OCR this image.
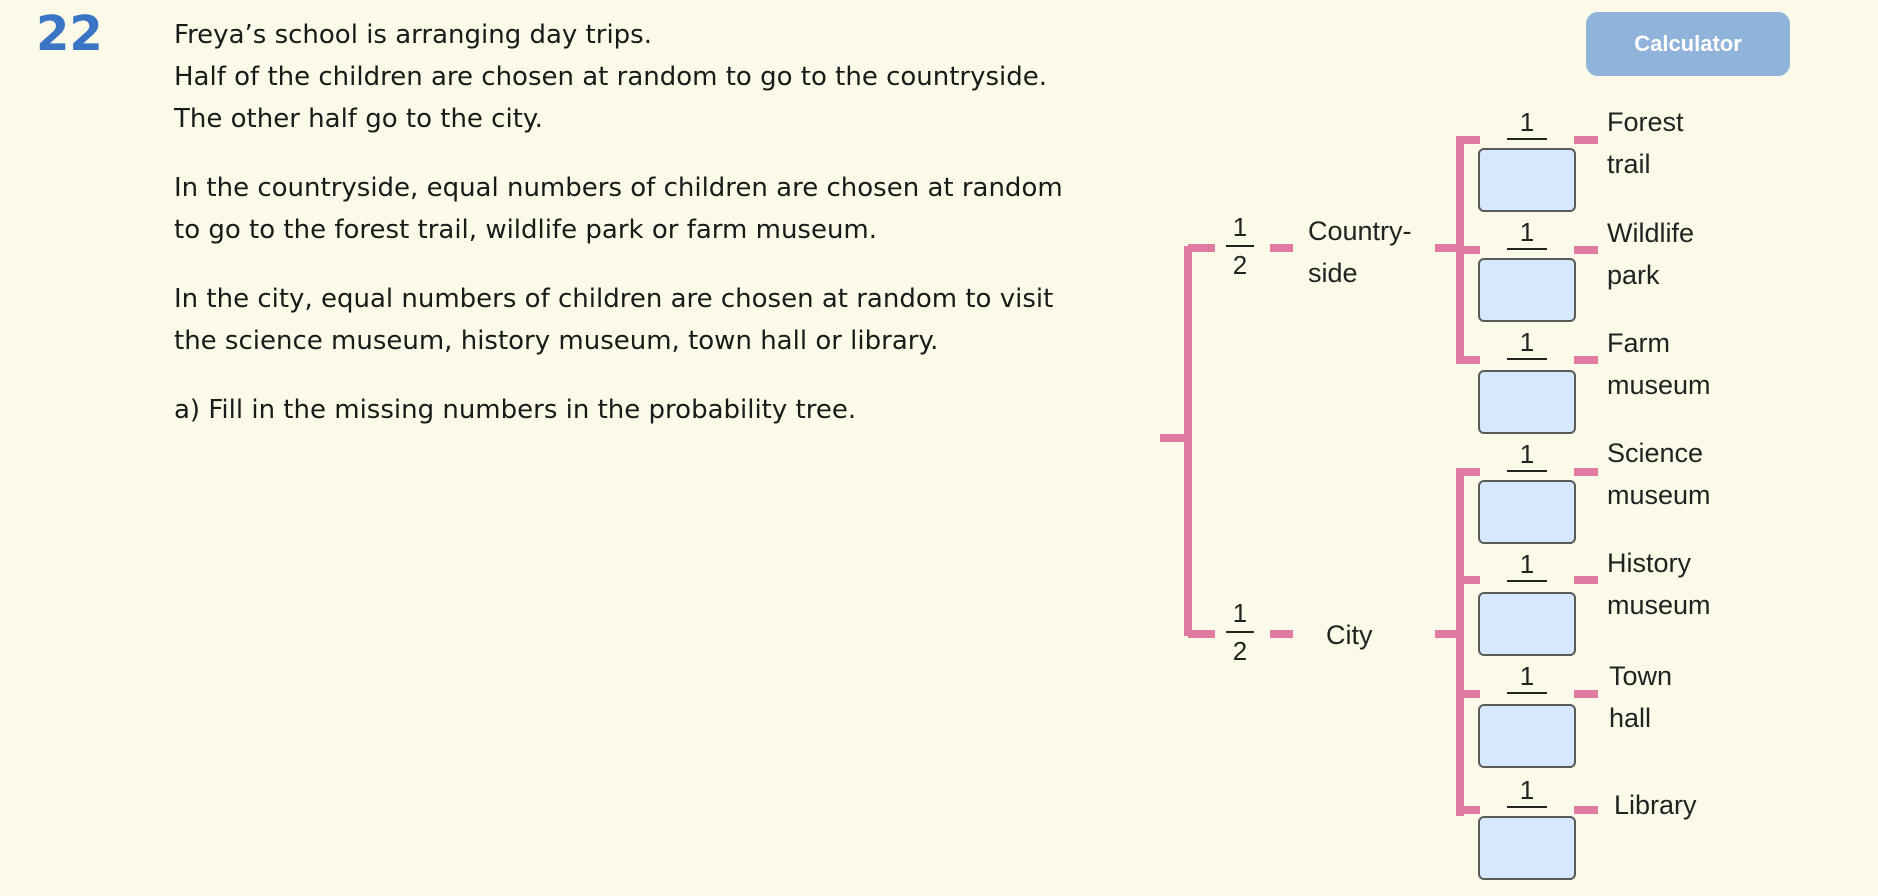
22	Calculator

Freya’s school is arranging day trips.
Half of the children are chosen at random to go to the countryside.
The other half go to the city.

In the countryside, equal numbers of children are chosen at random
to go to the forest trail, wildlife park or farm museum.

In the city, equal numbers of children are chosen at random to visit
the science museum, history museum, town hall or library.

a) Fill in the missing numbers in the probability tree.

1
2
1
2
Country-
side
City
1
1
1
1
1
1
1
Forest
trail
Wildlife
park
Farm
museum
Science
museum
History
museum
Town
hall
Library
